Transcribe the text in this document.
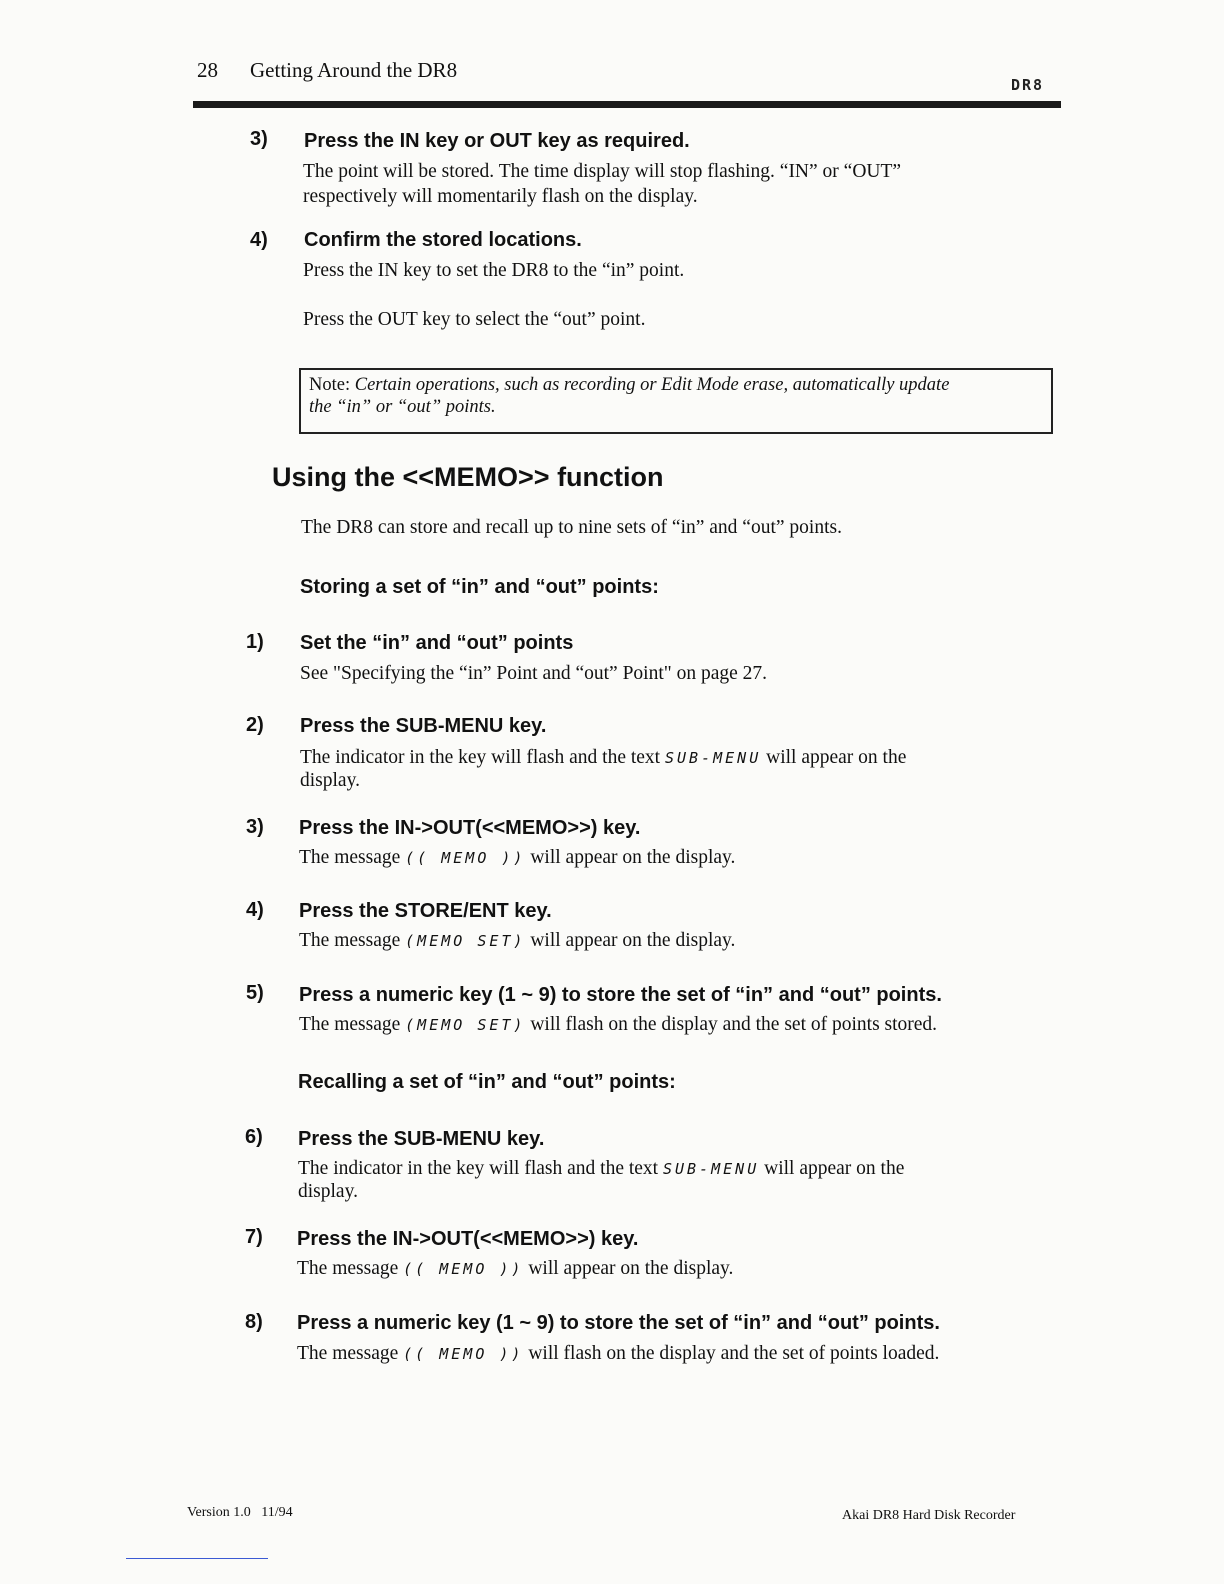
28 Getting Around the DR8
DR8
3) Press the IN key or OUT key as required.
The point will be stored. The time display will stop flashing. “IN” or “OUT”
respectively will momentarily flash on the display.
4) Confirm the stored locations.
Press the IN key to set the DR8 to the “in” point.
Press the OUT key to select the “out” point.
Note: Certain operations, such as recording or Edit Mode erase, automatically update
the “in” or “out” points.
Using the <<MEMO>> function
The DR8 can store and recall up to nine sets of “in” and “out” points.
Storing a set of “in” and “out” points:
1) Set the “in” and “out” points
See "Specifying the “in” Point and “out” Point" on page 27.
2) Press the SUB-MENU key.
The indicator in the key will flash and the text SUB-MENU will appear on the
display.
3) Press the IN->OUT(<<MEMO>>) key.
The message (( MEMO )) will appear on the display.
4) Press the STORE/ENT key.
The message (MEMO SET) will appear on the display.
5) Press a numeric key (1 ~ 9) to store the set of “in” and “out” points.
The message (MEMO SET) will flash on the display and the set of points stored.
Recalling a set of “in” and “out” points:
6) Press the SUB-MENU key.
The indicator in the key will flash and the text SUB-MENU will appear on the
display.
7) Press the IN->OUT(<<MEMO>>) key.
The message (( MEMO )) will appear on the display.
8) Press a numeric key (1 ~ 9) to store the set of “in” and “out” points.
The message (( MEMO )) will flash on the display and the set of points loaded.
Version 1.0   11/94	Akai DR8 Hard Disk Recorder
